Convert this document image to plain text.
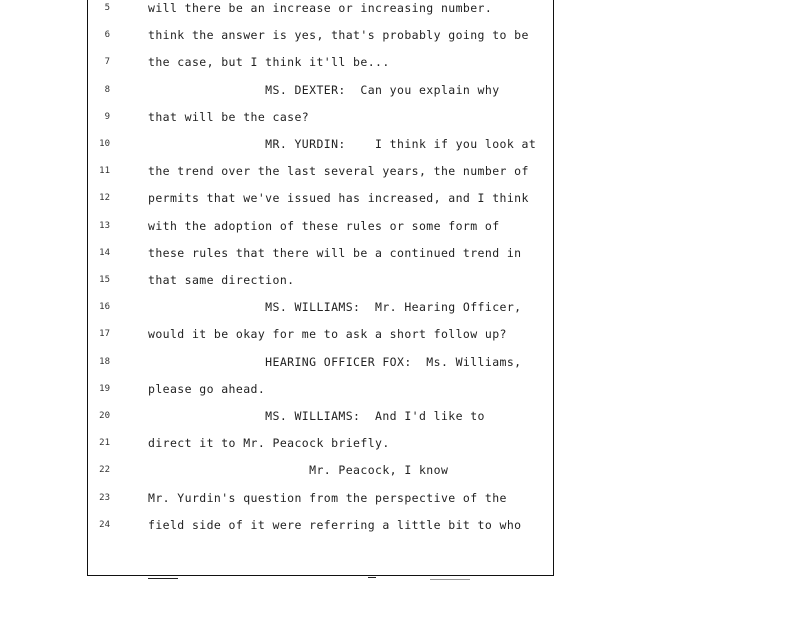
5	will there be an increase or increasing number.
6	think the answer is yes, that's probably going to be
7	the case, but I think it'll be...
8	MS. DEXTER:  Can you explain why
9	that will be the case?
10	MR. YURDIN:    I think if you look at
11	the trend over the last several years, the number of
12	permits that we've issued has increased, and I think
13	with the adoption of these rules or some form of
14	these rules that there will be a continued trend in
15	that same direction.
16	MS. WILLIAMS:  Mr. Hearing Officer,
17	would it be okay for me to ask a short follow up?
18	HEARING OFFICER FOX:  Ms. Williams,
19	please go ahead.
20	MS. WILLIAMS:  And I'd like to
21	direct it to Mr. Peacock briefly.
22	Mr. Peacock, I know
23	Mr. Yurdin's question from the perspective of the
24	field side of it were referring a little bit to who
